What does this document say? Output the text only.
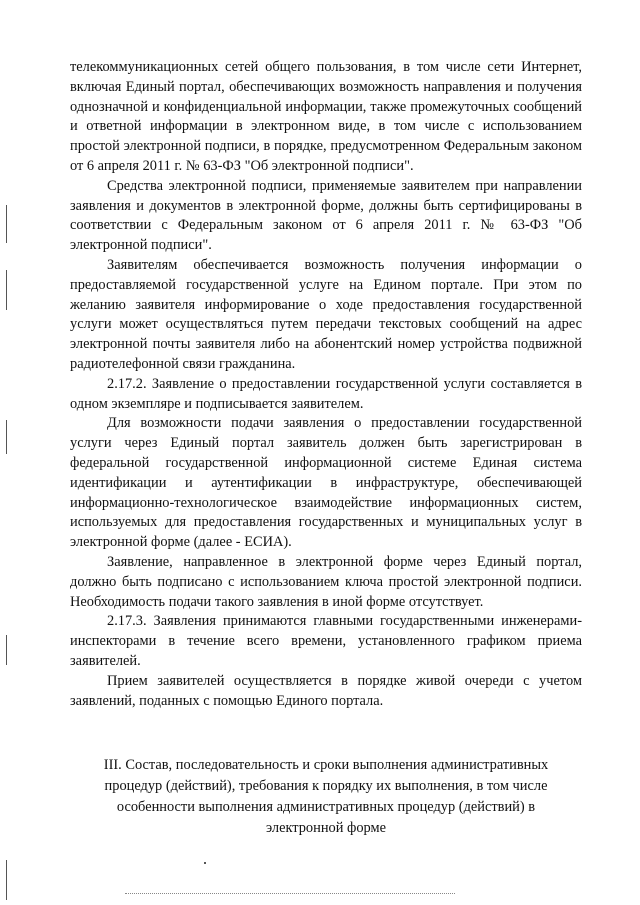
телекоммуникационных сетей общего пользования, в том числе сети Интернет, включая Единый портал, обеспечивающих возможность направления и получения однозначной и конфиденциальной информации, также промежуточных сообщений и ответной информации в электронном виде, в том числе с использованием простой электронной подписи, в порядке, предусмотренном Федеральным законом от 6 апреля 2011 г. № 63-ФЗ "Об электронной подписи".

Средства электронной подписи, применяемые заявителем при направлении заявления и документов в электронной форме, должны быть сертифицированы в соответствии с Федеральным законом от 6 апреля 2011 г. № 63-ФЗ "Об электронной подписи".

Заявителям обеспечивается возможность получения информации о предоставляемой государственной услуге на Едином портале. При этом по желанию заявителя информирование о ходе предоставления государственной услуги может осуществляться путем передачи текстовых сообщений на адрес электронной почты заявителя либо на абонентский номер устройства подвижной радиотелефонной связи гражданина.

2.17.2. Заявление о предоставлении государственной услуги составляется в одном экземпляре и подписывается заявителем.

Для возможности подачи заявления о предоставлении государственной услуги через Единый портал заявитель должен быть зарегистрирован в федеральной государственной информационной системе Единая система идентификации и аутентификации в инфраструктуре, обеспечивающей информационно-технологическое взаимодействие информационных систем, используемых для предоставления государственных и муниципальных услуг в электронной форме (далее - ЕСИА).

Заявление, направленное в электронной форме через Единый портал, должно быть подписано с использованием ключа простой электронной подписи. Необходимость подачи такого заявления в иной форме отсутствует.

2.17.3. Заявления принимаются главными государственными инженерами-инспекторами в течение всего времени, установленного графиком приема заявителей.

Прием заявителей осуществляется в порядке живой очереди с учетом заявлений, поданных с помощью Единого портала.

III. Состав, последовательность и сроки выполнения административных
процедур (действий), требования к порядку их выполнения, в том числе
особенности выполнения административных процедур (действий) в
электронной форме
